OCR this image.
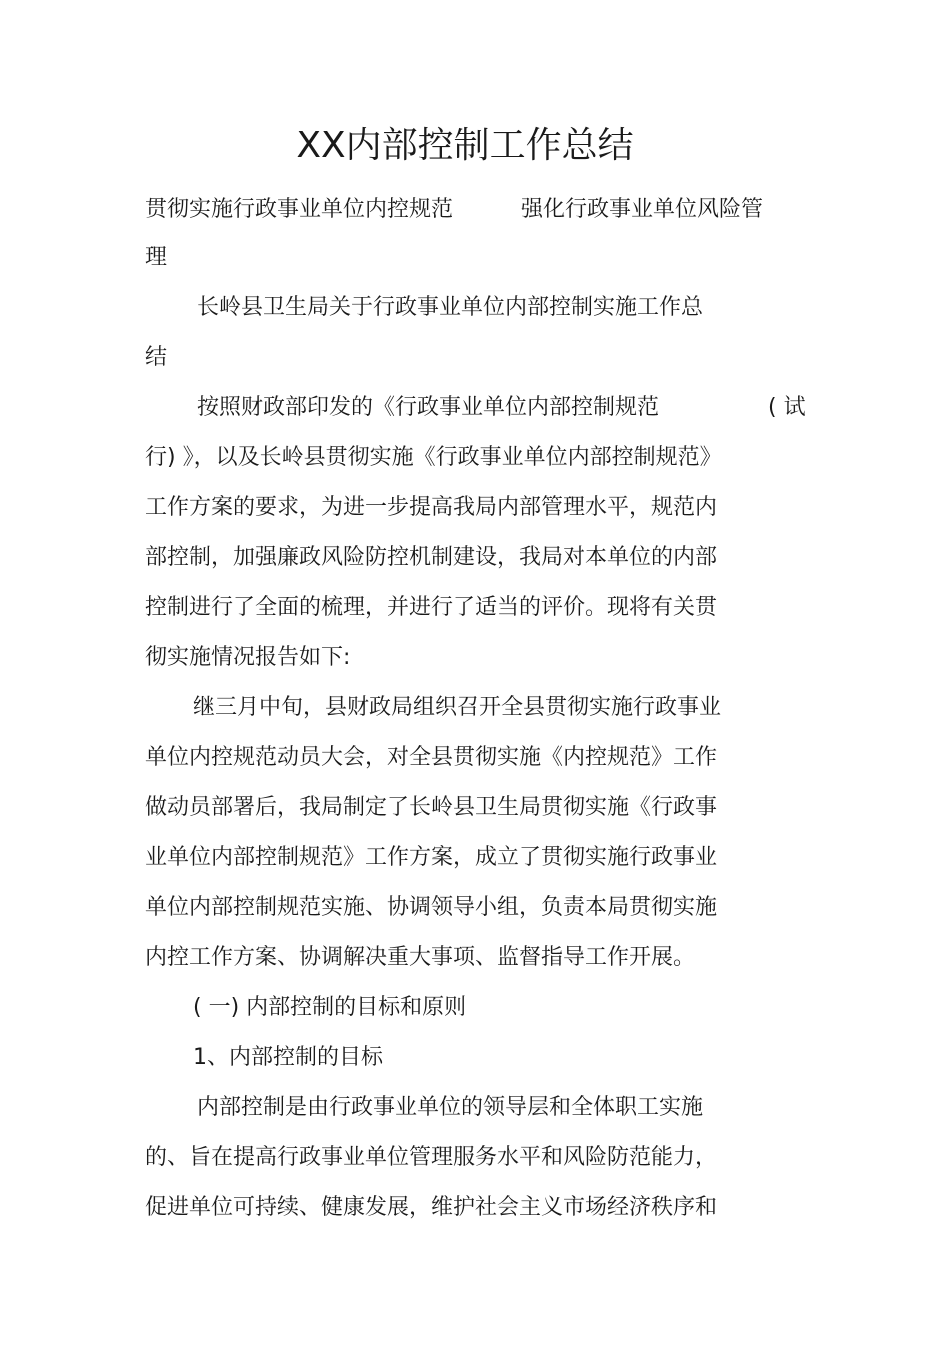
XX内部控制工作总结
贯彻实施行政事业单位内控规范	强化行政事业单位风险管
理
长岭县卫生局关于行政事业单位内部控制实施工作总
结
按照财政部印发的《行政事业单位内部控制规范	( 试
行) 》，以及长岭县贯彻实施《行政事业单位内部控制规范》
工作方案的要求，为进一步提高我局内部管理水平，规范内
部控制，加强廉政风险防控机制建设，我局对本单位的内部
控制进行了全面的梳理，并进行了适当的评价。现将有关贯
彻实施情况报告如下:
继三月中旬，县财政局组织召开全县贯彻实施行政事业
单位内控规范动员大会，对全县贯彻实施《内控规范》工作
做动员部署后，我局制定了长岭县卫生局贯彻实施《行政事
业单位内部控制规范》工作方案，成立了贯彻实施行政事业
单位内部控制规范实施、协调领导小组，负责本局贯彻实施
内控工作方案、协调解决重大事项、监督指导工作开展。
( 一) 内部控制的目标和原则
1、内部控制的目标
内部控制是由行政事业单位的领导层和全体职工实施
的、旨在提高行政事业单位管理服务水平和风险防范能力，
促进单位可持续、健康发展，维护社会主义市场经济秩序和
